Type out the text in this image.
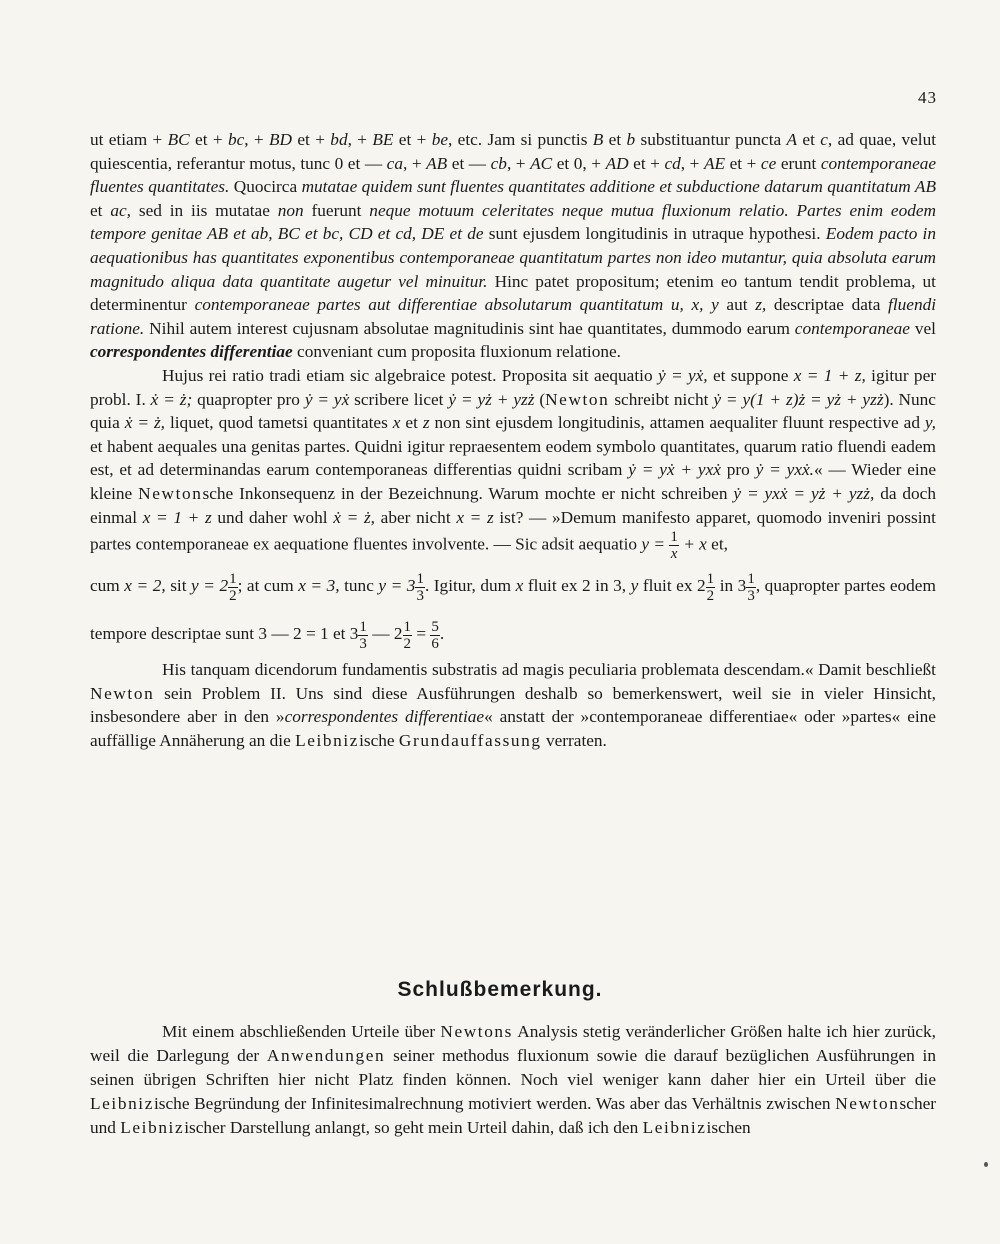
43

ut etiam + BC et + bc, + BD et + bd, + BE et + be, etc. Jam si punctis B et b substituantur puncta A et c, ad quae, velut quiescentia, referantur motus, tunc 0 et — ca, + AB et — cb, + AC et 0, + AD et + cd, + AE et + ce erunt contemporaneae fluentes quantitates. Quocirca mutatae quidem sunt fluentes quantitates additione et subductione datarum quantitatum AB et ac, sed in iis mutatae non fuerunt neque motuum celeritates neque mutua fluxionum relatio. Partes enim eodem tempore genitae AB et ab, BC et bc, CD et cd, DE et de sunt ejusdem longitudinis in utraque hypothesi. Eodem pacto in aequationibus has quantitates exponentibus contemporaneae quantitatum partes non ideo mutantur, quia absoluta earum magnitudo aliqua data quantitate augetur vel minuitur. Hinc patet propositum; etenim eo tantum tendit problema, ut determinentur contemporaneae partes aut differentiae absolutarum quantitatum u, x, y aut z, descriptae data fluendi ratione. Nihil autem interest cujusnam absolutae magnitudinis sint hae quantitates, dummodo earum contemporaneae vel correspondentes differentiae conveniant cum proposita fluxionum relatione.

Hujus rei ratio tradi etiam sic algebraice potest. Proposita sit aequatio ẏ = yẋ, et suppone x = 1 + z, igitur per probl. I. ẋ = ż; quapropter pro ẏ = yẋ scribere licet ẏ = yż + yzż (Newton schreibt nicht ẏ = y(1 + z)ż = yż + yzż). Nunc quia ẋ = ż, liquet, quod tametsi quantitates x et z non sint ejusdem longitudinis, attamen aequaliter fluunt respective ad y, et habent aequales una genitas partes. Quidni igitur repraesentem eodem symbolo quantitates, quarum ratio fluendi eadem est, et ad determinandas earum contemporaneas differentias quidni scribam ẏ = yẋ + yxẋ pro ẏ = yxẋ.« — Wieder eine kleine Newtonsche Inkonsequenz in der Bezeichnung. Warum mochte er nicht schreiben ẏ = yxẋ = yż + yzż, da doch einmal x = 1 + z und daher wohl ẋ = ż, aber nicht x = z ist? — »Demum manifesto apparet, quomodo inveniri possint partes contemporaneae ex aequatione fluentes involvente. — Sic adsit aequatio $y = \frac{1}{x} + x$ et,

cum x = 2, sit $y = 2 \frac{1}{2}$ ; at cum x = 3, tunc $y = 3 \frac{1}{3}$ . Igitur, dum x fluit ex 2 in 3, y fluit ex $2 \frac{1}{2}$ in $3 \frac{1}{3}$ , quapropter partes eodem tempore descriptae sunt 3 — 2 = 1 et $3 \frac{1}{3}$ — $2 \frac{1}{2} = \frac{5}{6}$ .

His tanquam dicendorum fundamentis substratis ad magis peculiaria problemata descendam.« Damit beschließt Newton sein Problem II. Uns sind diese Ausführungen deshalb so bemerkenswert, weil sie in vieler Hinsicht, insbesondere aber in den »correspondentes differentiae« anstatt der »contemporaneae differentiae« oder »partes« eine auffällige Annäherung an die Leibnizische Grundauffassung verraten.

Schlußbemerkung.

Mit einem abschließenden Urteile über Newtons Analysis stetig veränderlicher Größen halte ich hier zurück, weil die Darlegung der Anwendungen seiner methodus fluxionum sowie die darauf bezüglichen Ausführungen in seinen übrigen Schriften hier nicht Platz finden können. Noch viel weniger kann daher hier ein Urteil über die Leibnizische Begründung der Infinitesimalrechnung motiviert werden. Was aber das Verhältnis zwischen Newtonscher und Leibnizischer Darstellung anlangt, so geht mein Urteil dahin, daß ich den Leibnizischen
